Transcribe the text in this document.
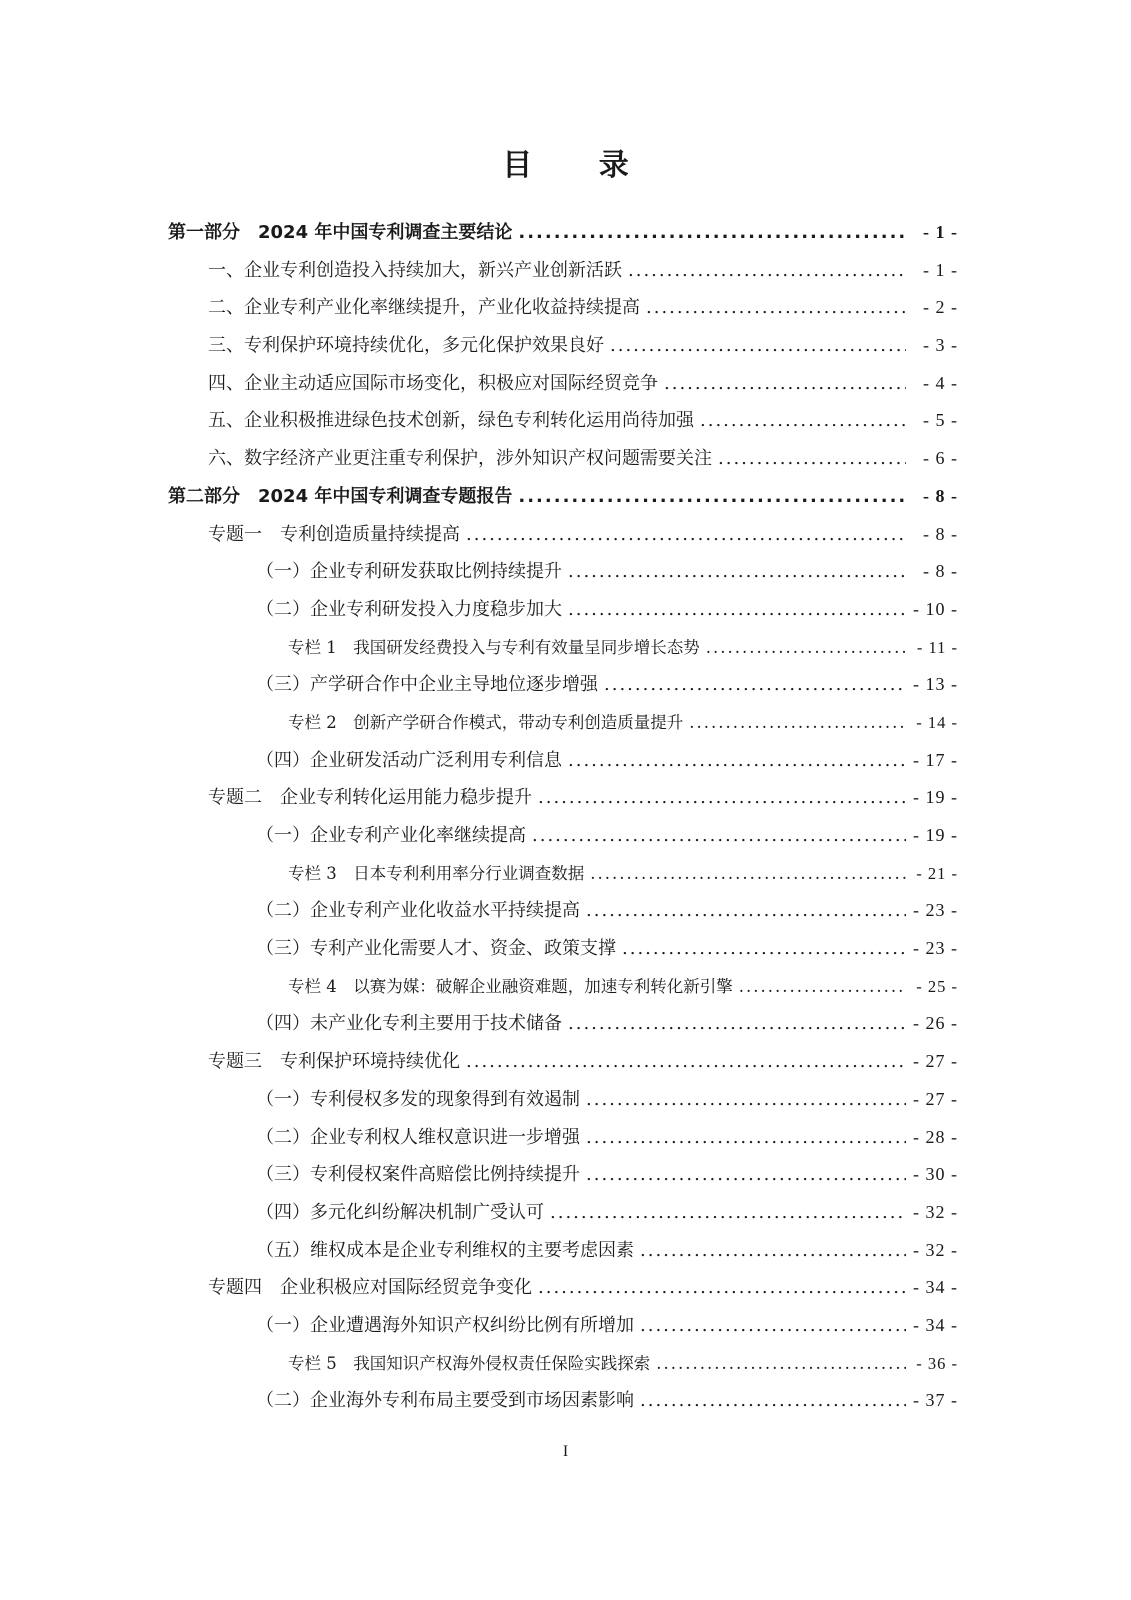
目 录
第一部分　2024 年中国专利调查主要结论 .....	- 1 -
一、企业专利创造投入持续加大，新兴产业创新活跃 .....	- 1 -
二、企业专利产业化率继续提升，产业化收益持续提高 .....	- 2 -
三、专利保护环境持续优化，多元化保护效果良好 .....	- 3 -
四、企业主动适应国际市场变化，积极应对国际经贸竞争 .....	- 4 -
五、企业积极推进绿色技术创新，绿色专利转化运用尚待加强 .....	- 5 -
六、数字经济产业更注重专利保护，涉外知识产权问题需要关注 .....	- 6 -
第二部分　2024 年中国专利调查专题报告 .....	- 8 -
专题一　专利创造质量持续提高 .....	- 8 -
（一）企业专利研发获取比例持续提升 .....	- 8 -
（二）企业专利研发投入力度稳步加大 .....	- 10 -
专栏 1　我国研发经费投入与专利有效量呈同步增长态势 .....	- 11 -
（三）产学研合作中企业主导地位逐步增强 .....	- 13 -
专栏 2　创新产学研合作模式，带动专利创造质量提升 .....	- 14 -
（四）企业研发活动广泛利用专利信息 .....	- 17 -
专题二　企业专利转化运用能力稳步提升 .....	- 19 -
（一）企业专利产业化率继续提高 .....	- 19 -
专栏 3　日本专利利用率分行业调查数据 .....	- 21 -
（二）企业专利产业化收益水平持续提高 .....	- 23 -
（三）专利产业化需要人才、资金、政策支撑 .....	- 23 -
专栏 4　以赛为媒：破解企业融资难题，加速专利转化新引擎 .....	- 25 -
（四）未产业化专利主要用于技术储备 .....	- 26 -
专题三　专利保护环境持续优化 .....	- 27 -
（一）专利侵权多发的现象得到有效遏制 .....	- 27 -
（二）企业专利权人维权意识进一步增强 .....	- 28 -
（三）专利侵权案件高赔偿比例持续提升 .....	- 30 -
（四）多元化纠纷解决机制广受认可 .....	- 32 -
（五）维权成本是企业专利维权的主要考虑因素 .....	- 32 -
专题四　企业积极应对国际经贸竞争变化 .....	- 34 -
（一）企业遭遇海外知识产权纠纷比例有所增加 .....	- 34 -
专栏 5　我国知识产权海外侵权责任保险实践探索 .....	- 36 -
（二）企业海外专利布局主要受到市场因素影响 .....	- 37 -
I
